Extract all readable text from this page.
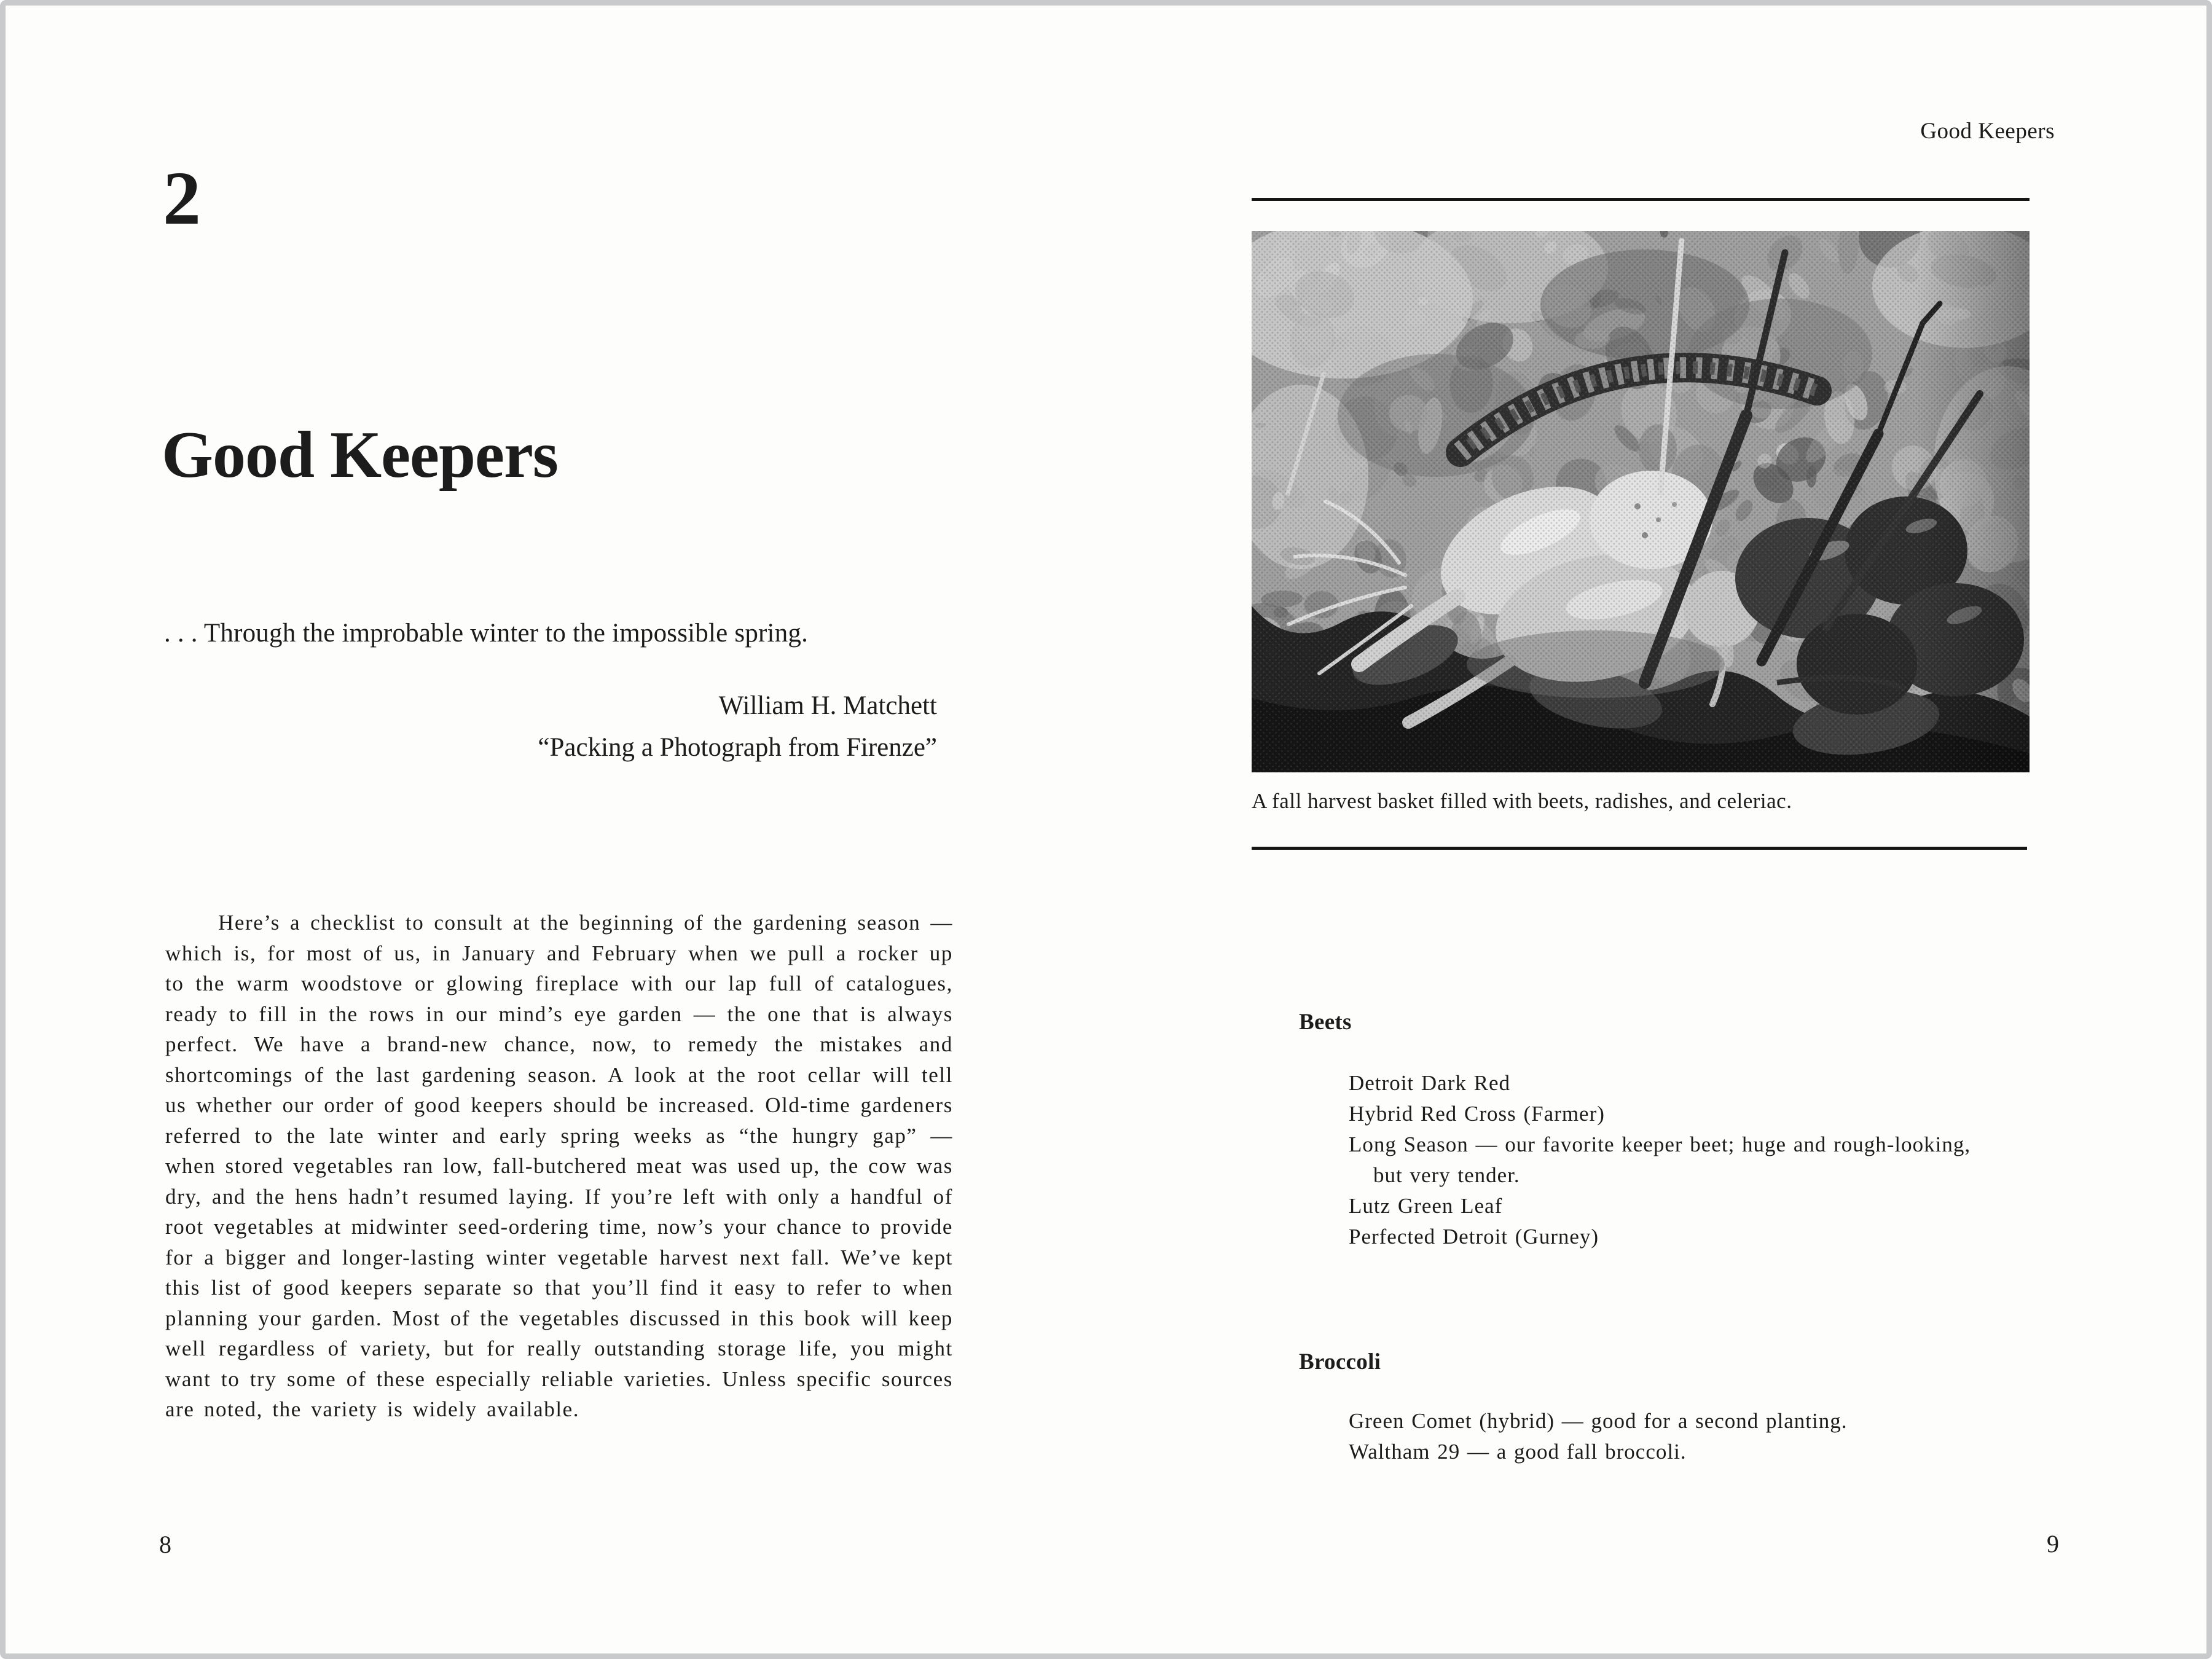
2
Good Keepers
. . . Through the improbable winter to the impossible spring.
William H. Matchett
“Packing a Photograph from Firenze”
Here’s a checklist to consult at the beginning of the gardening season — which is, for most of us, in January and February when we pull a rocker up to the warm woodstove or glowing fireplace with our lap full of catalogues, ready to fill in the rows in our mind’s eye garden — the one that is always perfect. We have a brand-new chance, now, to remedy the mistakes and shortcomings of the last gardening season. A look at the root cellar will tell us whether our order of good keepers should be increased. Old-time gardeners referred to the late winter and early spring weeks as “the hungry gap” — when stored vegetables ran low, fall-butchered meat was used up, the cow was dry, and the hens hadn’t resumed laying. If you’re left with only a handful of root vegetables at midwinter seed-ordering time, now’s your chance to provide for a bigger and longer-lasting winter vegetable harvest next fall. We’ve kept this list of good keepers separate so that you’ll find it easy to refer to when planning your garden. Most of the vegetables discussed in this book will keep well regardless of variety, but for really outstanding storage life, you might want to try some of these especially reliable varieties. Unless specific sources are noted, the variety is widely available.
8
Good Keepers
A fall harvest basket filled with beets, radishes, and celeriac.
Beets
Detroit Dark Red
Hybrid Red Cross (Farmer)
Long Season — our favorite keeper beet; huge and rough-looking, but very tender.
Lutz Green Leaf
Perfected Detroit (Gurney)
Broccoli
Green Comet (hybrid) — good for a second planting.
Waltham 29 — a good fall broccoli.
9
